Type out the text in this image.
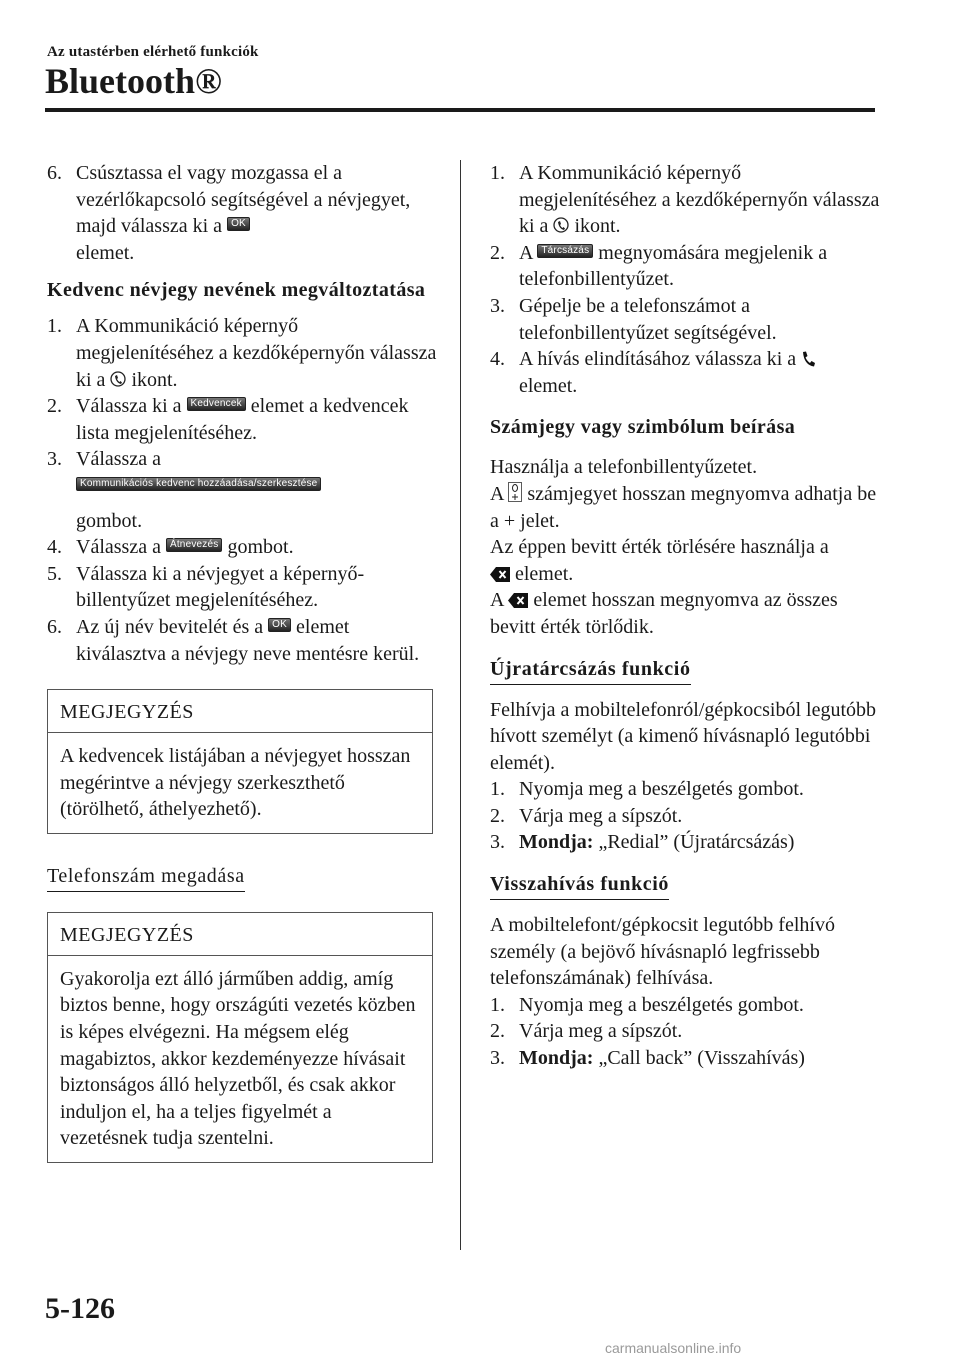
Az utastérben elérhető funkciók
Bluetooth®
6. Csúsztassa el vagy mozgassa el a vezérlőkapcsoló segítségével a névjegyet, majd válassza ki a OK
elemet.
Kedvenc névjegy nevének megváltoztatása
1. A Kommunikáció képernyő megjelenítéséhez a kezdőképernyőn válassza ki a ikont.
2. Válassza ki a Kedvencek elemet a kedvencek lista megjelenítéséhez.
3. Válassza a
Kommunikációs kedvenc hozzáadása/szerkesztése
gombot.
4. Válassza a Átnevezés gombot.
5. Válassza ki a névjegyet a képernyő-billentyűzet megjelenítéséhez.
6. Az új név bevitelét és a OK elemet kiválasztva a névjegy neve mentésre kerül.
MEGJEGYZÉS
A kedvencek listájában a névjegyet hosszan megérintve a névjegy szerkeszthető (törölhető, áthelyezhető).
Telefonszám megadása
MEGJEGYZÉS
Gyakorolja ezt álló járműben addig, amíg biztos benne, hogy országúti vezetés közben is képes elvégezni. Ha mégsem elég magabiztos, akkor kezdeményezze hívásait biztonságos álló helyzetből, és csak akkor induljon el, ha a teljes figyelmét a vezetésnek tudja szentelni.
1. A Kommunikáció képernyő megjelenítéséhez a kezdőképernyőn válassza ki a ikont.
2. A Tárcsázás megnyomására megjelenik a telefonbillentyűzet.
3. Gépelje be a telefonszámot a telefonbillentyűzet segítségével.
4. A hívás elindításához válassza ki a
elemet.
Számjegy vagy szimbólum beírása

Használja a telefonbillentyűzetet.

A számjegyet hosszan megnyomva adhatja be a + jelet.

Az éppen bevitt érték törlésére használja a
elemet.

A elemet hosszan megnyomva az összes bevitt érték törlődik.

Újratárcsázás funkció

Felhívja a mobiltelefonról/gépkocsiból legutóbb hívott személyt (a kimenő hívásnapló legutóbbi elemét).

1. Nyomja meg a beszélgetés gombot.
2. Várja meg a sípszót.
3. Mondja: „Redial” (Újratárcsázás)
Visszahívás funkció

A mobiltelefont/gépkocsit legutóbb felhívó személy (a bejövő hívásnapló legfrissebb telefonszámának) felhívása.

1. Nyomja meg a beszélgetés gombot.
2. Várja meg a sípszót.
3. Mondja: „Call back” (Visszahívás)
5-126
carmanualsonline.info
